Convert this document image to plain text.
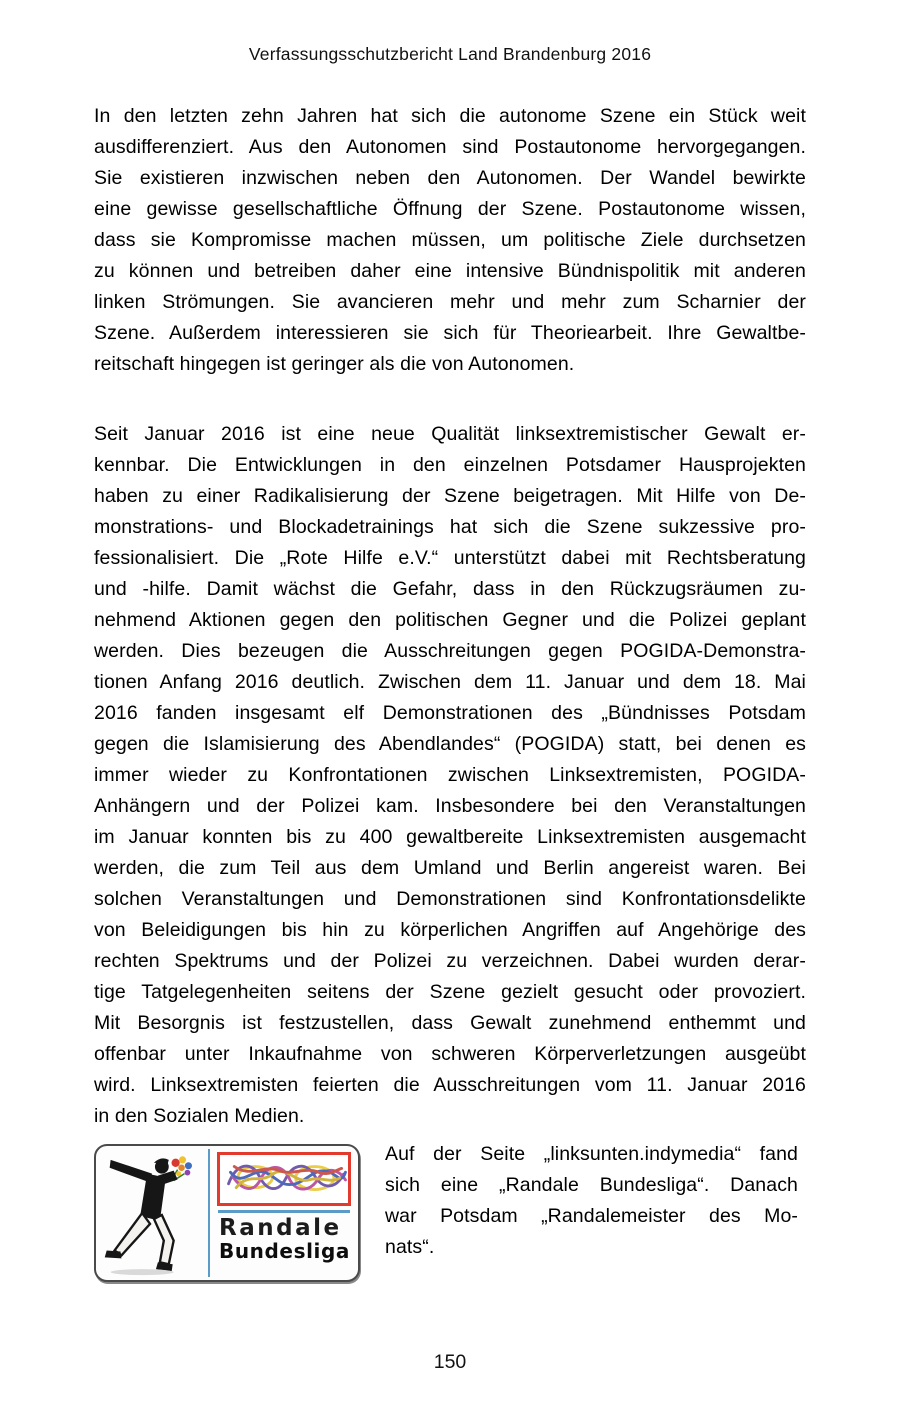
Verfassungsschutzbericht Land Brandenburg 2016
In den letzten zehn Jahren hat sich die autonome Szene ein Stück weit
ausdifferenziert. Aus den Autonomen sind Postautonome hervorgegangen.
Sie existieren inzwischen neben den Autonomen. Der Wandel bewirkte
eine gewisse gesellschaftliche Öffnung der Szene. Postautonome wissen,
dass sie Kompromisse machen müssen, um politische Ziele durchsetzen
zu können und betreiben daher eine intensive Bündnispolitik mit anderen
linken Strömungen. Sie avancieren mehr und mehr zum Scharnier der
Szene. Außerdem interessieren sie sich für Theoriearbeit. Ihre Gewaltbe-
reitschaft hingegen ist geringer als die von Autonomen.
Seit Januar 2016 ist eine neue Qualität linksextremistischer Gewalt er-
kennbar. Die Entwicklungen in den einzelnen Potsdamer Hausprojekten
haben zu einer Radikalisierung der Szene beigetragen. Mit Hilfe von De-
monstrations- und Blockadetrainings hat sich die Szene sukzessive pro-
fessionalisiert. Die „Rote Hilfe e.V.“ unterstützt dabei mit Rechtsberatung
und -hilfe. Damit wächst die Gefahr, dass in den Rückzugsräumen zu-
nehmend Aktionen gegen den politischen Gegner und die Polizei geplant
werden. Dies bezeugen die Ausschreitungen gegen POGIDA-Demonstra-
tionen Anfang 2016 deutlich. Zwischen dem 11. Januar und dem 18. Mai
2016 fanden insgesamt elf Demonstrationen des „Bündnisses Potsdam
gegen die Islamisierung des Abendlandes“ (POGIDA) statt, bei denen es
immer wieder zu Konfrontationen zwischen Linksextremisten, POGIDA-
Anhängern und der Polizei kam. Insbesondere bei den Veranstaltungen
im Januar konnten bis zu 400 gewaltbereite Linksextremisten ausgemacht
werden, die zum Teil aus dem Umland und Berlin angereist waren. Bei
solchen Veranstaltungen und Demonstrationen sind Konfrontationsdelikte
von Beleidigungen bis hin zu körperlichen Angriffen auf Angehörige des
rechten Spektrums und der Polizei zu verzeichnen. Dabei wurden derar-
tige Tatgelegenheiten seitens der Szene gezielt gesucht oder provoziert.
Mit Besorgnis ist festzustellen, dass Gewalt zunehmend enthemmt und
offenbar unter Inkaufnahme von schweren Körperverletzungen ausgeübt
wird. Linksextremisten feierten die Ausschreitungen vom 11. Januar 2016
in den Sozialen Medien.
Randale
Bundesliga
Auf der Seite „linksunten.indymedia“ fand
sich eine „Randale Bundesliga“. Danach
war Potsdam „Randalemeister des Mo-
nats“.
150
